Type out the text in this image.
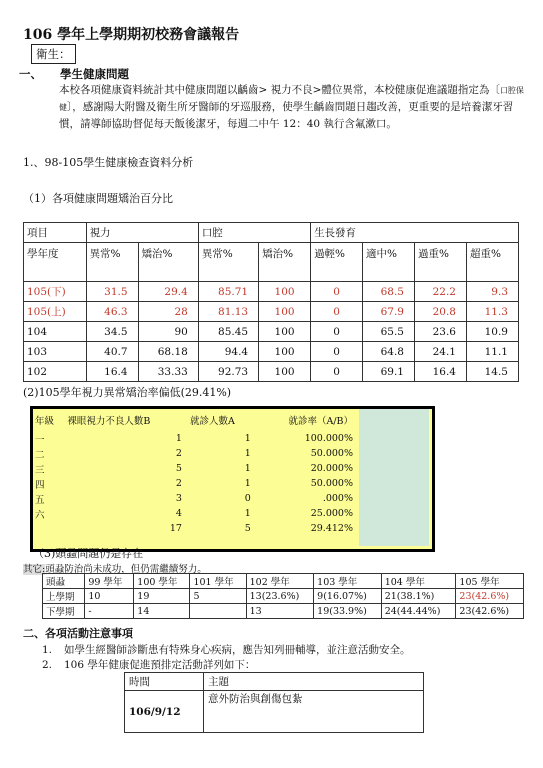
106 學年上學期期初校務會議報告
衛生：
一、 學生健康問題
本校各項健康資料統計其中健康問題以齲齒> 視力不良>體位異常，本校健康促進議題指定為〔口腔保健〕，感謝陽大附醫及衛生所牙醫師的牙巡服務，使學生齲齒問題日趨改善，更重要的是培養潔牙習慣，請導師協助督促每天飯後潔牙，每週二中午 12：40 執行含氟漱口。
1.、98-105學生健康檢查資料分析
（1）各項健康問題矯治百分比
項目	視力		口腔		生長發育			
學年度	異常%	矯治%	異常%	矯治%	過輕%	適中%	過重%	超重%
105(下)	31.5	29.4	85.71	100	0	68.5	22.2	9.3
105(上)	46.3	28	81.13	100	0	67.9	20.8	11.3
104	34.5	90	85.45	100	0	65.5	23.6	10.9
103	40.7	68.18	94.4	100	0	64.8	24.1	11.1
102	16.4	33.33	92.73	100	0	69.1	16.4	14.5
(2)105學年視力異常矯治率偏低(29.41%)
年級	裸眼視力不良人數B	就診人數A	就診率（A/B）
一	1	1	100.000%
二	2	1	50.000%
三	5	1	20.000%
四	2	1	50.000%
五	3	0	.000%
六	4	1	25.000%
	17	5	29.412%
（3)頭蝨問題仍是存在
其它:頭蝨防治尚未成功，但仍需繼續努力。
頭蝨	99 學年	100 學年	101 學年	102 學年	103 學年	104 學年	105 學年
上學期	10	19	5	13(23.6%)	9(16.07%)	21(38.1%)	23(42.6%)
下學期	-	14		13	19(33.9%)	24(44.44%)	23(42.6%)
二、各項活動注意事項
1. 如學生經醫師診斷患有特殊身心疾病，應告知列冊輔導，並注意活動安全。
2. 106 學年健康促進預排定活動詳列如下：
時間	主題
106/9/12	意外防治與創傷包紮
